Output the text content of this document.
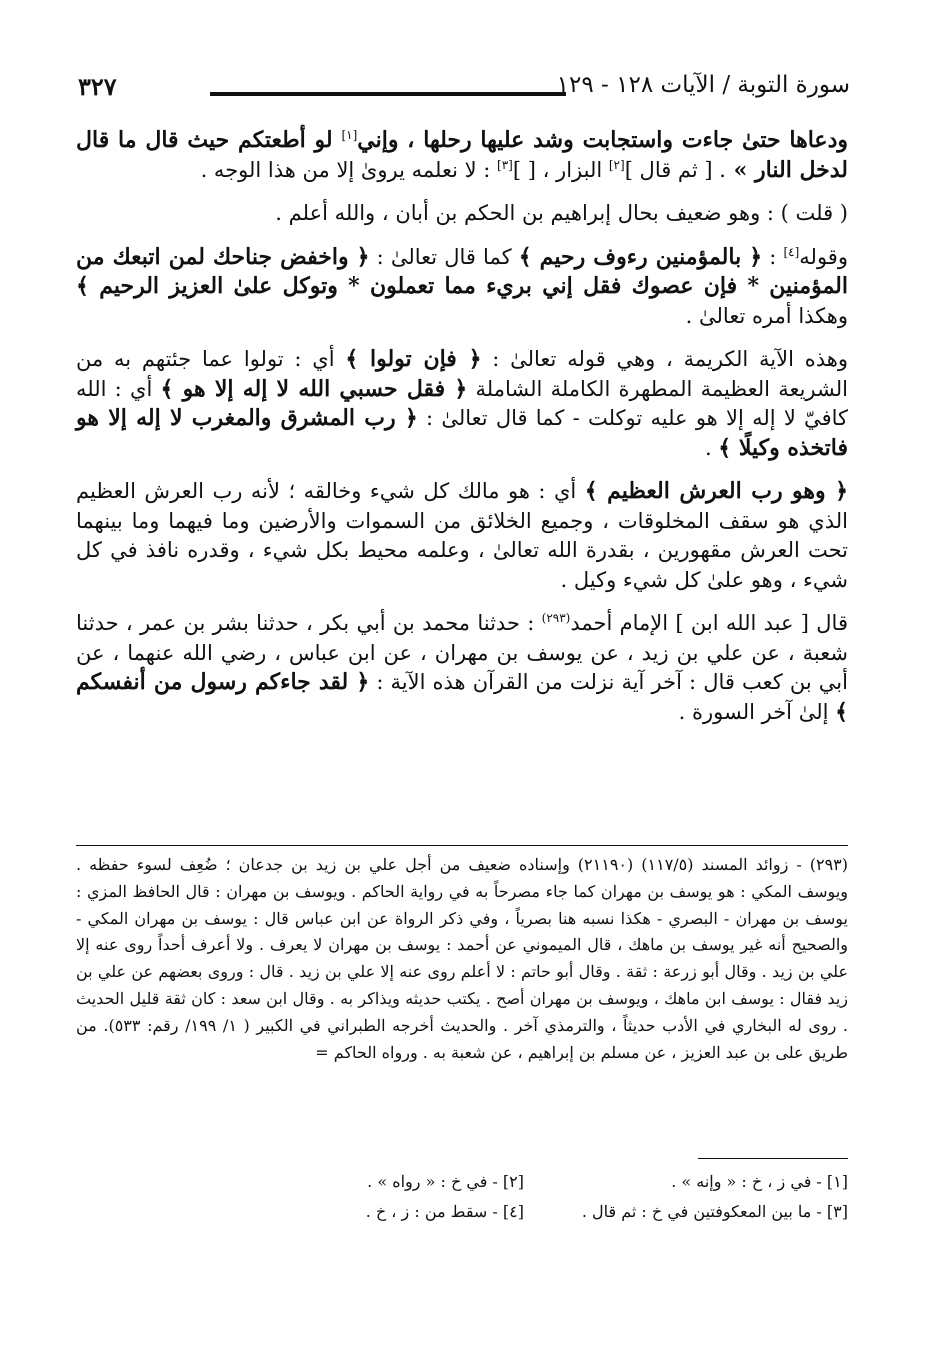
٣٢٧	سورة التوبة / الآيات ١٢٨ - ١٢٩

ودعاها حتىٰ جاءت واستجابت وشد عليها رحلها ، وإني[١] لو أطعتكم حيث قال ما قال لدخل النار » . [ ثم قال ][٢] البزار ، [ ][٣] : لا نعلمه يروىٰ إلا من هذا الوجه .

( قلت ) : وهو ضعيف بحال إبراهيم بن الحكم بن أبان ، والله أعلم .

وقوله[٤] : ﴿ بالمؤمنين رءوف رحيم ﴾ كما قال تعالىٰ : ﴿ واخفض جناحك لمن اتبعك من المؤمنين * فإن عصوك فقل إني بريء مما تعملون * وتوكل علىٰ العزيز الرحيم ﴾ وهكذا أمره تعالىٰ .

وهذه الآية الكريمة ، وهي قوله تعالىٰ : ﴿ فإن تولوا ﴾ أي : تولوا عما جئتهم به من الشريعة العظيمة المطهرة الكاملة الشاملة ﴿ فقل حسبي الله لا إله إلا هو ﴾ أي : الله كافيّ لا إله إلا هو عليه توكلت - كما قال تعالىٰ : ﴿ رب المشرق والمغرب لا إله إلا هو فاتخذه وكيلًا ﴾ .

﴿ وهو رب العرش العظيم ﴾ أي : هو مالك كل شيء وخالقه ؛ لأنه رب العرش العظيم الذي هو سقف المخلوقات ، وجميع الخلائق من السموات والأرضين وما فيهما وما بينهما تحت العرش مقهورين ، بقدرة الله تعالىٰ ، وعلمه محيط بكل شيء ، وقدره نافذ في كل شيء ، وهو علىٰ كل شيء وكيل .

قال [ عبد الله ابن ] الإمام أحمد$^{(٢٩٣)}$ : حدثنا محمد بن أبي بكر ، حدثنا بشر بن عمر ، حدثنا شعبة ، عن علي بن زيد ، عن يوسف بن مهران ، عن ابن عباس ، رضي الله عنهما ، عن أبي بن كعب قال : آخر آية نزلت من القرآن هذه الآية : ﴿ لقد جاءكم رسول من أنفسكم ﴾ إلىٰ آخر السورة .

(٢٩٣) - زوائد المسند (١١٧/٥) (٢١١٩٠) وإسناده ضعيف من أجل علي بن زيد بن جدعان ؛ ضُعِف لسوء حفظه . ويوسف المكي : هو يوسف بن مهران كما جاء مصرحاً به في رواية الحاكم . ويوسف بن مهران : قال الحافظ المزي : يوسف بن مهران - البصري - هكذا نسبه هنا بصرياً ، وفي ذكر الرواة عن ابن عباس قال : يوسف بن مهران المكي - والصحيح أنه غير يوسف بن ماهك ، قال الميموني عن أحمد : يوسف بن مهران لا يعرف . ولا أعرف أحداً روى عنه إلا علي بن زيد . وقال أبو زرعة : ثقة . وقال أبو حاتم : لا أعلم روى عنه إلا علي بن زيد . قال : وروى بعضهم عن علي بن زيد فقال : يوسف ابن ماهك ، ويوسف بن مهران أصح . يكتب حديثه ويذاكر به . وقال ابن سعد : كان ثقة قليل الحديث . روى له البخاري في الأدب حديثاً ، والترمذي آخر . والحديث أخرجه الطبراني في الكبير ( ١/ ١٩٩/ رقم: ٥٣٣). من طريق على بن عبد العزيز ، عن مسلم بن إبراهيم ، عن شعبة به . ورواه الحاكم =
[١] - في ز ، خ : « وإنه » .
[٢] - في خ : « رواه » .
[٣] - ما بين المعكوفتين في خ : ثم قال .
[٤] - سقط من : ز ، خ .
